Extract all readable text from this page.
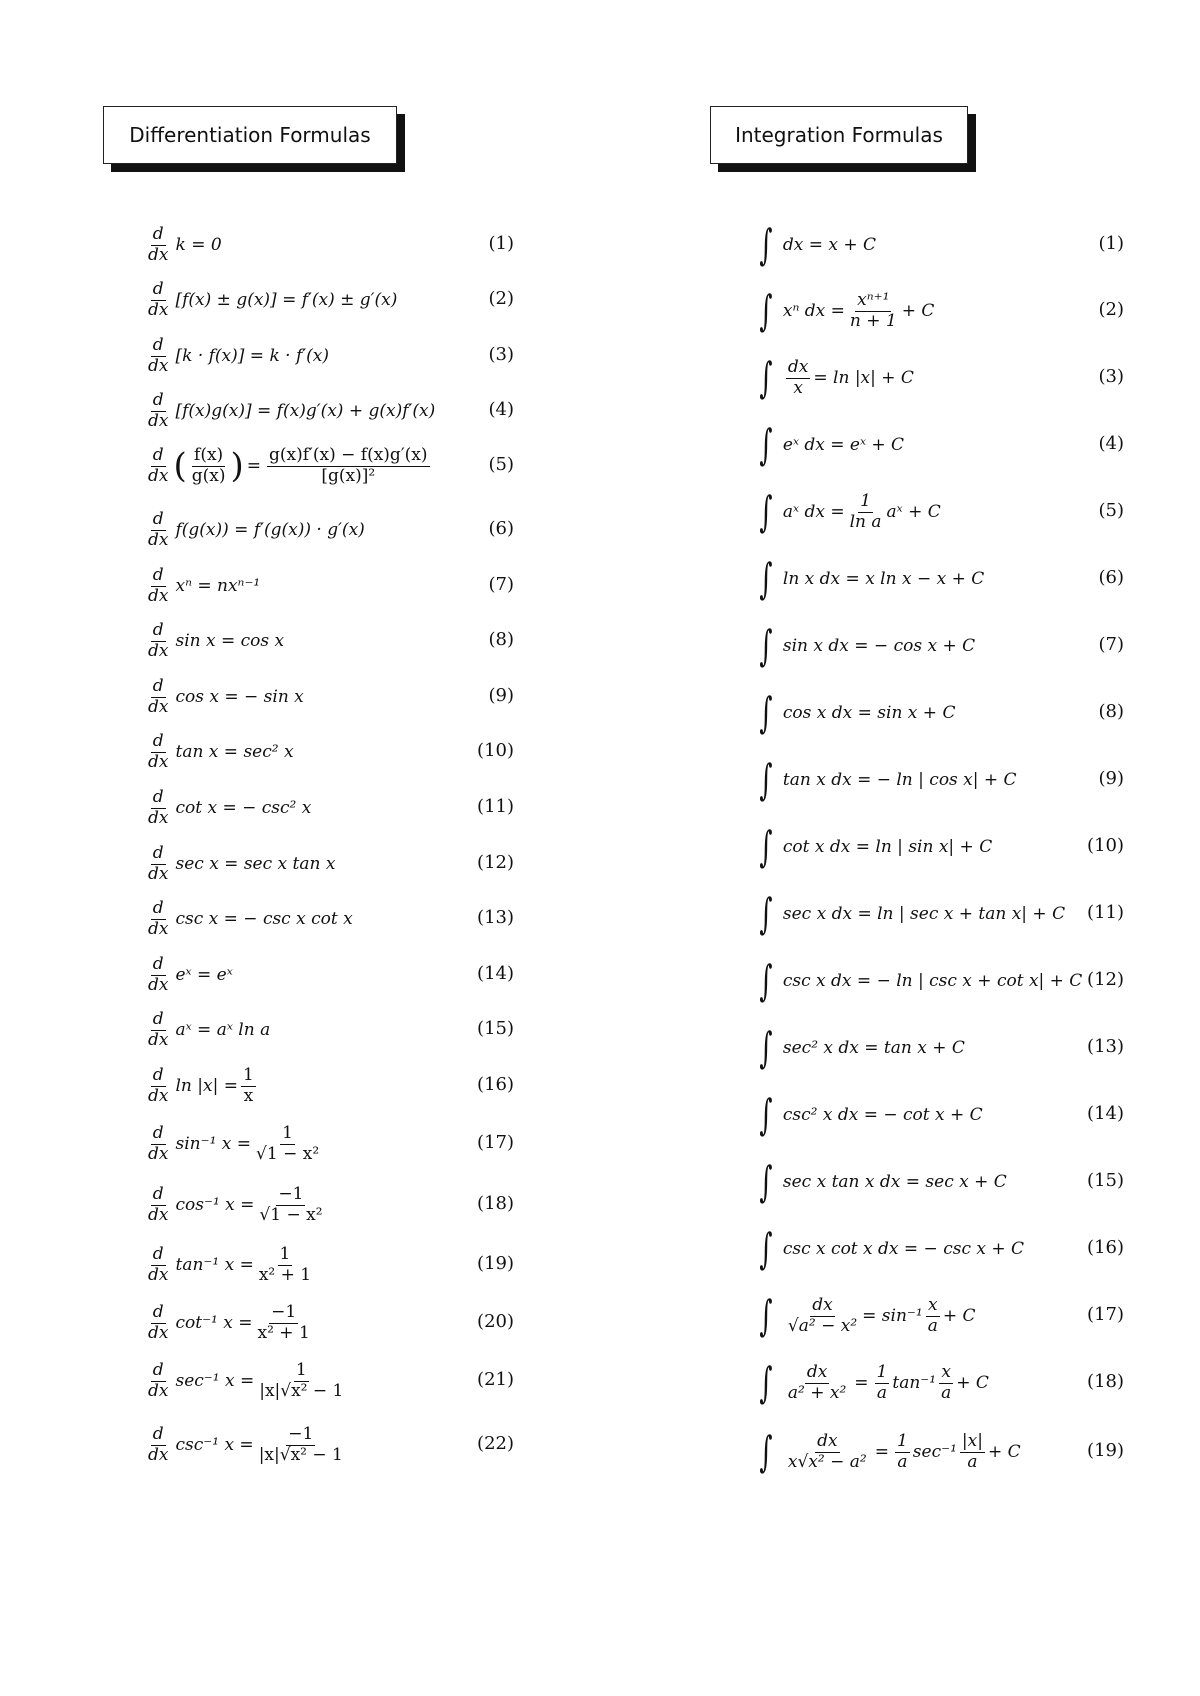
Differentiation Formulas
$\frac{d}{dx}$ k = 0	(1)
$\frac{d}{dx} [f(x) \pm g(x)] = f'(x) \pm g'(x)$	(2)
$\frac{d}{dx} [k \cdot f(x)] = k \cdot f'(x)$	(3)
$\frac{d}{dx} [f(x)g(x)] = f(x)g'(x) + g(x)f'(x)$	(4)
$\frac{d}{dx}$ ( $\frac{f(x)}{g(x)}$ ) = $\frac{g(x)f'(x) - f(x)g'(x)}{\text{[g(x)]²}}$	(5)
$\frac{d}{dx} f(g(x)) = f'(g(x)) \cdot g'(x)$	(6)
$\frac{d}{dx}$ xⁿ = nxⁿ⁻¹	(7)
$\frac{d}{dx}$ sin x = cos x	(8)
$\frac{d}{dx}$ cos x = − sin x	(9)
$\frac{d}{dx}$ tan x = sec² x	(10)
$\frac{d}{dx}$ cot x = − csc² x	(11)
$\frac{d}{dx}$ sec x = sec x tan x	(12)
$\frac{d}{dx}$ csc x = − csc x cot x	(13)
$\frac{d}{dx}$ eˣ = eˣ	(14)
$\frac{d}{dx}$ aˣ = aˣ ln a	(15)
$\frac{d}{dx}$ $\ln |x| = \frac{1}{x}$	(16)
$\frac{d}{dx} \sin^{-1}$ $x = \frac{1}{\text{√1 − x²}}$	(17)
$\frac{d}{dx} \cos^{-1}$ $x = \frac{-1}{\text{√1 − x²}}$	(18)
$\frac{d}{dx} \tan^{-1}$ $x = \frac{1}{\text{x² + 1}}$	(19)
$\frac{d}{dx} \cot^{-1}$ $x = \frac{-1}{\text{x² + 1}}$	(20)
$\frac{d}{dx} \sec^{-1}$ $x = \frac{1}{\text{|x|√x² − 1}}$	(21)
$\frac{d}{dx} \csc^{-1}$ $x = \frac{-1}{\text{|x|√x² − 1}}$	(22)
Integration Formulas
∫ dx = x + C	(1)
∫ xⁿ dx = $\frac{\text{xⁿ⁺¹}}{n + 1} + C$	(2)
∫ $\frac{dx}{x} = \ln |x| + C$	(3)
∫ eˣ dx = eˣ + C	(4)
∫ aˣ dx = $\frac{1}{\text{ln a}}$ aˣ + C	(5)
∫ ln x dx = x ln x − x + C	(6)
∫ sin x dx = − cos x + C	(7)
∫ cos x dx = sin x + C	(8)
∫ tan x dx = − ln | cos x| + C	(9)
∫ cot x dx = ln | sin x| + C	(10)
∫ sec x dx = ln | sec x + tan x| + C (11)
∫ csc x dx = − ln | csc x + cot x| + C (12)
∫ sec² x dx = tan x + C	(13)
∫ csc² x dx = − cot x + C	(14)
∫ sec x tan x dx = sec x + C	(15)
∫ csc x cot x dx = − csc x + C	(16)
∫ $\frac{dx}{\text{√a² − x²}} = \sin^{-1} \frac{x}{a} + C$	(17)
∫ $\frac{dx}{\text{a² + x²}} = \frac{1}{a} \tan^{-1} \frac{x}{a} + C$	(18)
∫ $\frac{dx}{\text{x√x² − a²}} = \frac{1}{a} \sec^{-1} \frac{|x|}{a} + C$	(19)
